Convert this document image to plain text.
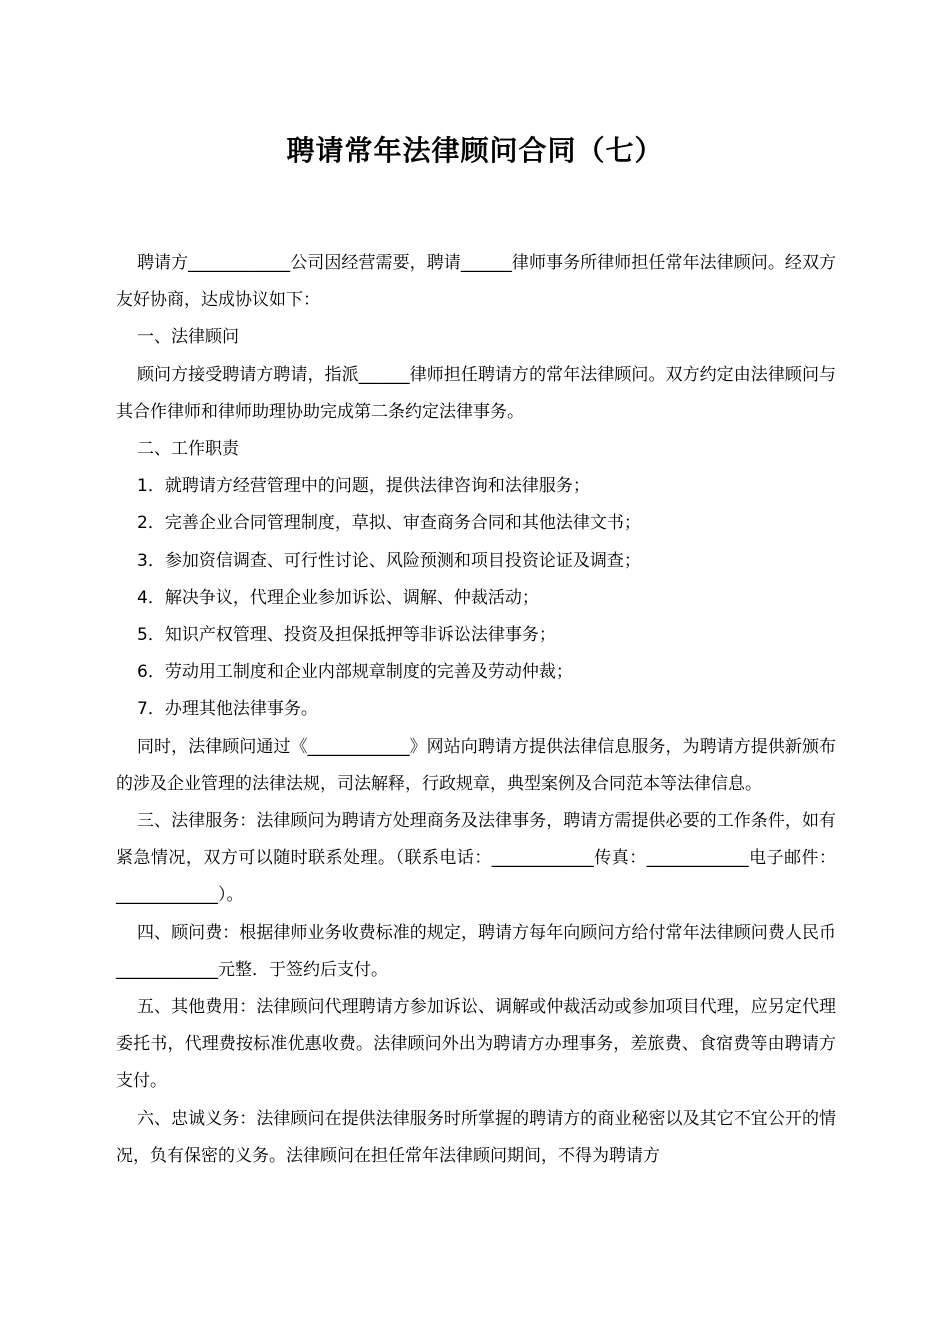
聘请常年法律顾问合同（七）

聘请方____________公司因经营需要，聘请______律师事务所律师担任常年法律顾问。经双方友好协商，达成协议如下：

一、法律顾问

顾问方接受聘请方聘请，指派______律师担任聘请方的常年法律顾问。双方约定由法律顾问与其合作律师和律师助理协助完成第二条约定法律事务。

二、工作职责

1．就聘请方经营管理中的问题，提供法律咨询和法律服务；

2．完善企业合同管理制度，草拟、审查商务合同和其他法律文书；

3．参加资信调查、可行性讨论、风险预测和项目投资论证及调查；

4．解决争议，代理企业参加诉讼、调解、仲裁活动；

5．知识产权管理、投资及担保抵押等非诉讼法律事务；

6．劳动用工制度和企业内部规章制度的完善及劳动仲裁；

7．办理其他法律事务。

同时，法律顾问通过《____________》网站向聘请方提供法律信息服务，为聘请方提供新颁布的涉及企业管理的法律法规，司法解释，行政规章，典型案例及合同范本等法律信息。

三、法律服务：法律顾问为聘请方处理商务及法律事务，聘请方需提供必要的工作条件，如有紧急情况，双方可以随时联系处理。（联系电话：____________传真：____________电子邮件：____________）。

四、顾问费：根据律师业务收费标准的规定，聘请方每年向顾问方给付常年法律顾问费人民币____________元整．于签约后支付。

五、其他费用：法律顾问代理聘请方参加诉讼、调解或仲裁活动或参加项目代理，应另定代理委托书，代理费按标准优惠收费。法律顾问外出为聘请方办理事务，差旅费、食宿费等由聘请方支付。

六、忠诚义务：法律顾问在提供法律服务时所掌握的聘请方的商业秘密以及其它不宜公开的情况，负有保密的义务。法律顾问在担任常年法律顾问期间，不得为聘请方
